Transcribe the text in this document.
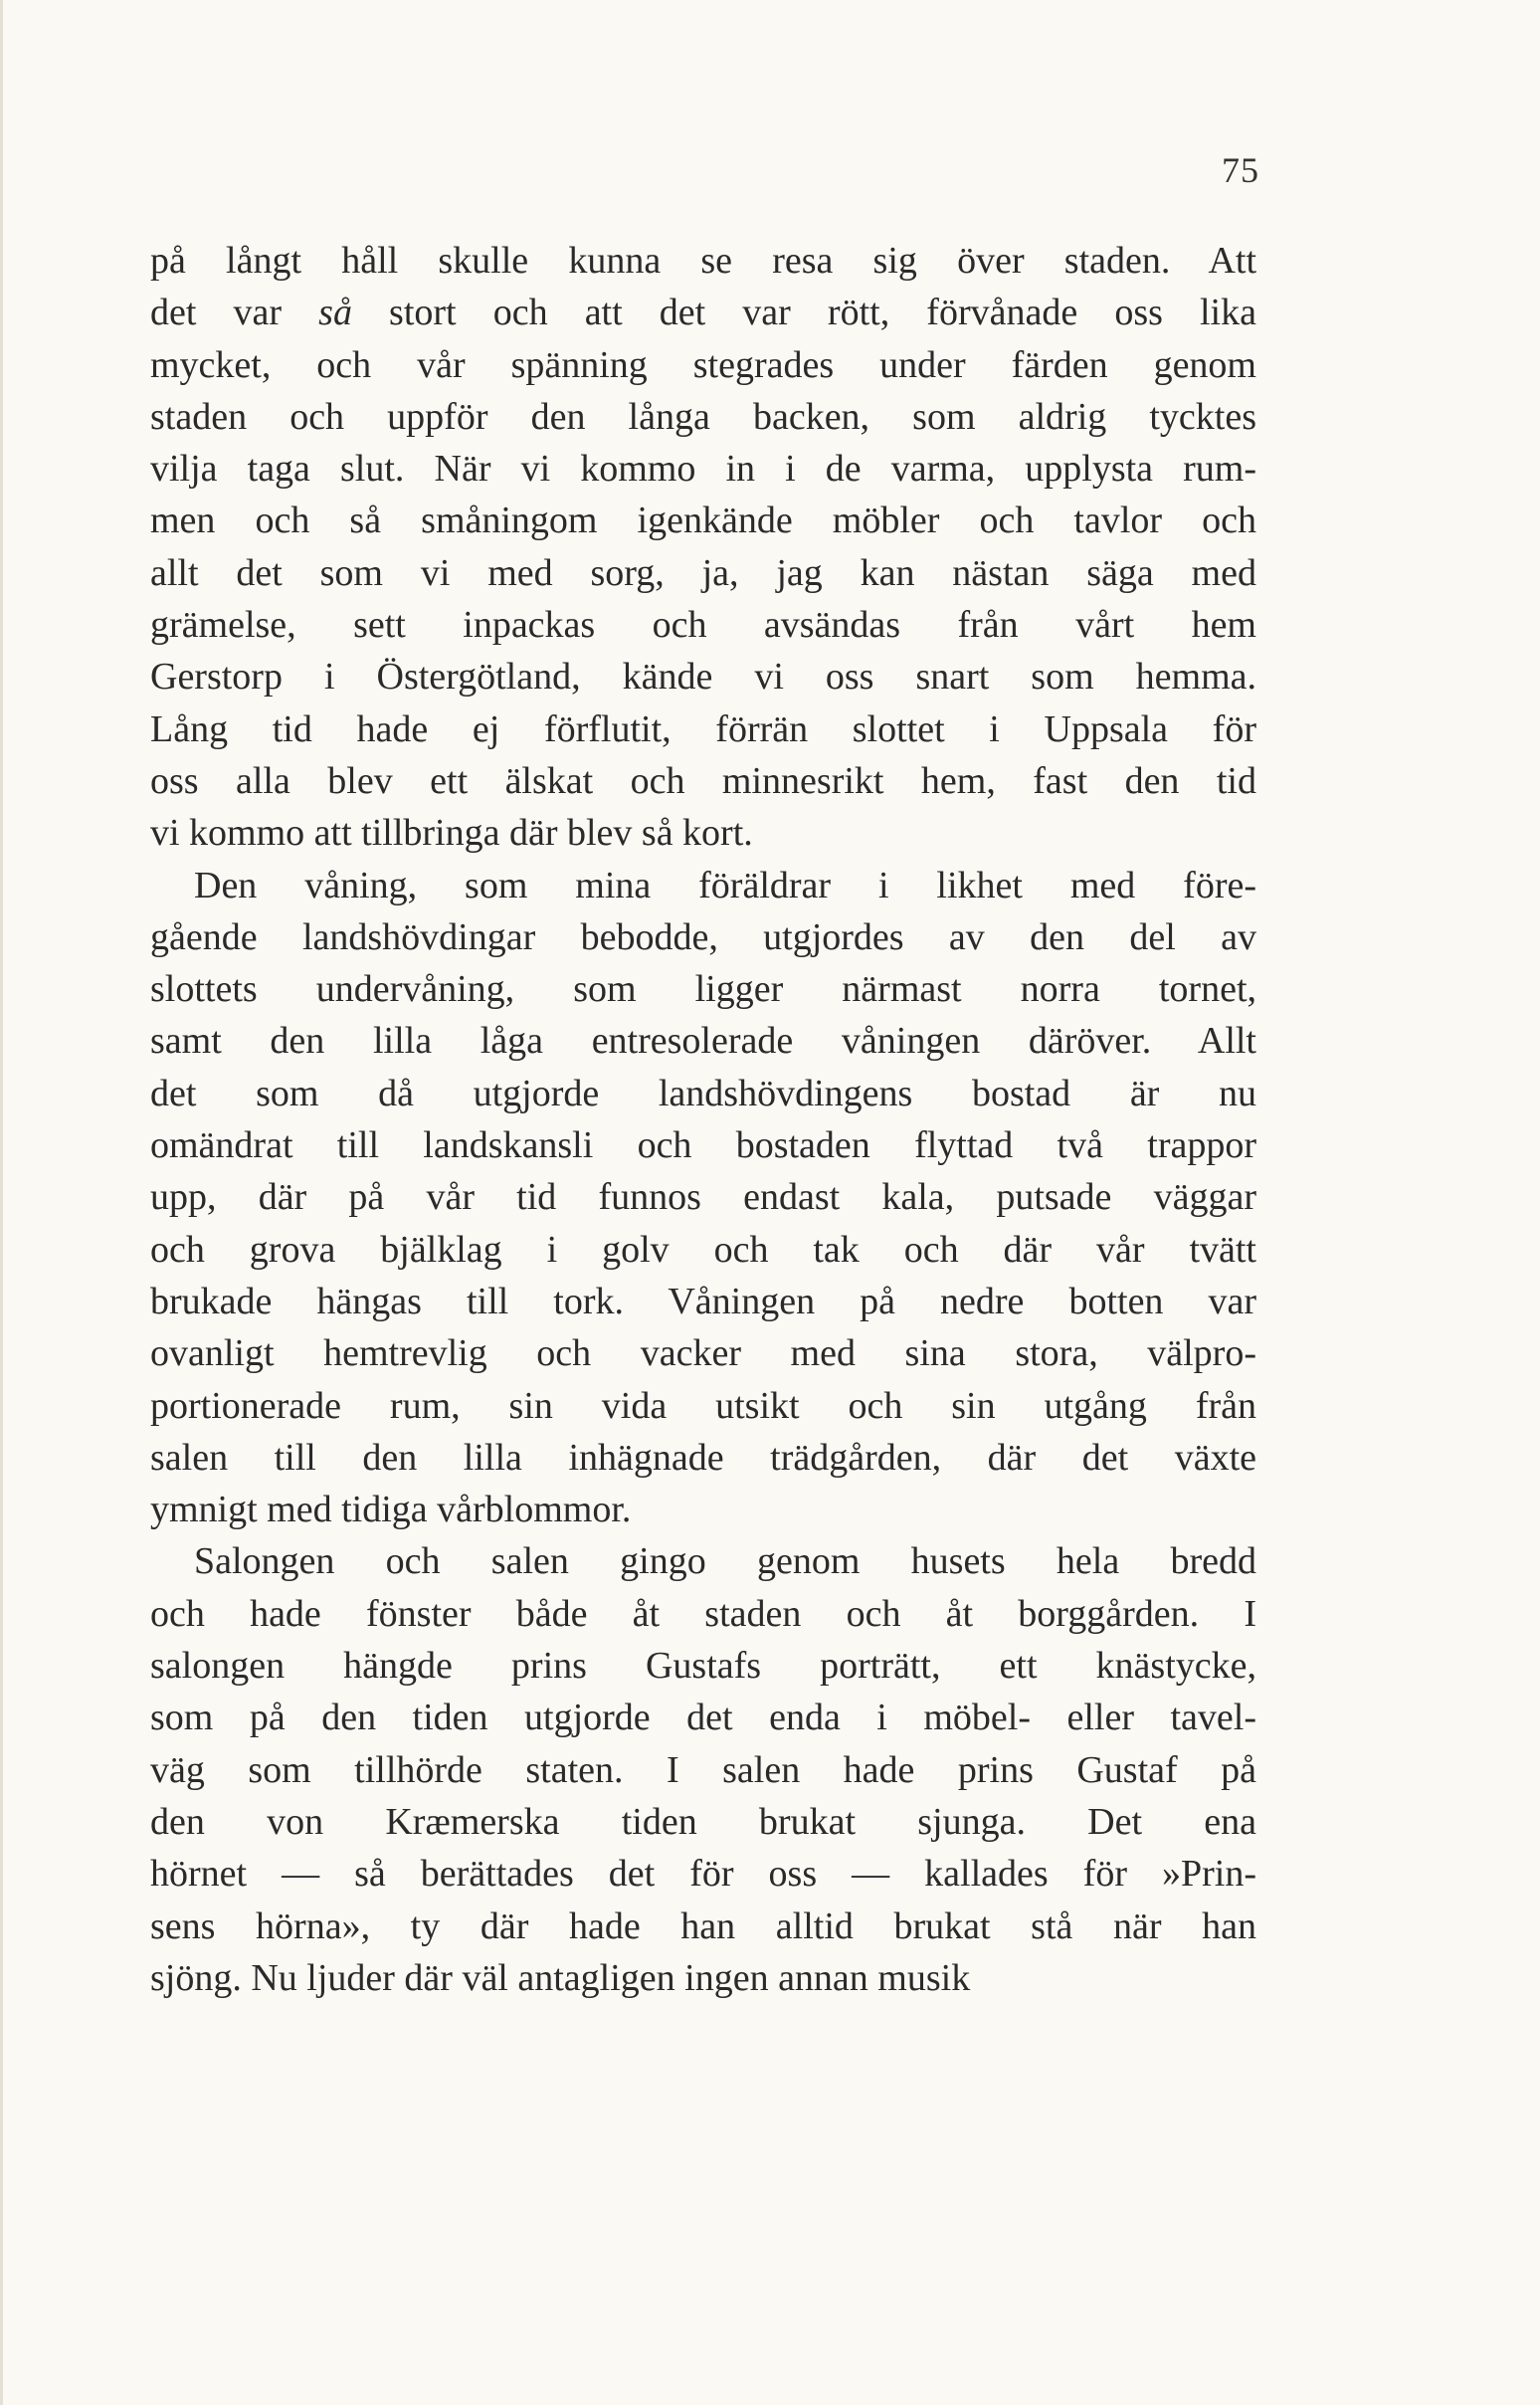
75
på långt håll skulle kunna se resa sig över staden. Att
det var så stort och att det var rött, förvånade oss lika
mycket, och vår spänning stegrades under färden genom
staden och uppför den långa backen, som aldrig tycktes
vilja taga slut. När vi kommo in i de varma, upplysta rum-
men och så småningom igenkände möbler och tavlor och
allt det som vi med sorg, ja, jag kan nästan säga med
grämelse, sett inpackas och avsändas från vårt hem
Gerstorp i Östergötland, kände vi oss snart som hemma.
Lång tid hade ej förflutit, förrän slottet i Uppsala för
oss alla blev ett älskat och minnesrikt hem, fast den tid
vi kommo att tillbringa där blev så kort.
Den våning, som mina föräldrar i likhet med före-
gående landshövdingar bebodde, utgjordes av den del av
slottets undervåning, som ligger närmast norra tornet,
samt den lilla låga entresolerade våningen däröver. Allt
det som då utgjorde landshövdingens bostad är nu
omändrat till landskansli och bostaden flyttad två trappor
upp, där på vår tid funnos endast kala, putsade väggar
och grova bjälklag i golv och tak och där vår tvätt
brukade hängas till tork. Våningen på nedre botten var
ovanligt hemtrevlig och vacker med sina stora, välpro-
portionerade rum, sin vida utsikt och sin utgång från
salen till den lilla inhägnade trädgården, där det växte
ymnigt med tidiga vårblommor.
Salongen och salen gingo genom husets hela bredd
och hade fönster både åt staden och åt borggården. I
salongen hängde prins Gustafs porträtt, ett knästycke,
som på den tiden utgjorde det enda i möbel- eller tavel-
väg som tillhörde staten. I salen hade prins Gustaf på
den von Kræmerska tiden brukat sjunga. Det ena
hörnet — så berättades det för oss — kallades för »Prin-
sens hörna», ty där hade han alltid brukat stå när han
sjöng. Nu ljuder där väl antagligen ingen annan musik
